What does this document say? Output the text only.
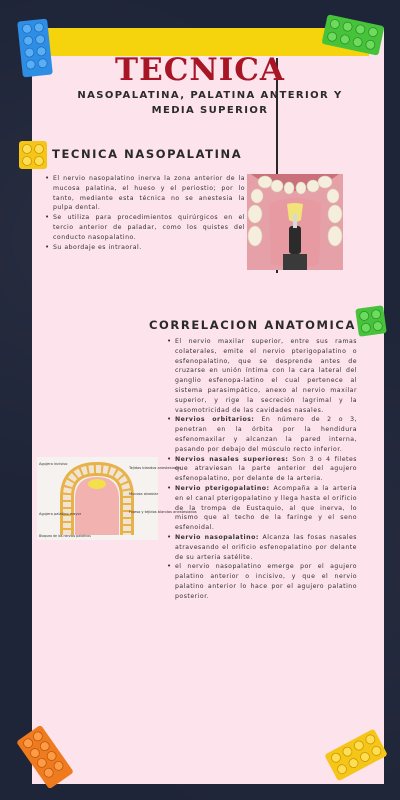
TECNICA

NASOPALATINA, PALATINA ANTERIOR Y MEDIA SUPERIOR

TECNICA NASOPALATINA
• El nervio nasopalatino inerva la zona anterior de la mucosa palatina, el hueso y el periostio; por lo tanto, mediante esta técnica no se anestesia la pulpa dental.
• Se utiliza para procedimientos quirúrgicos en el tercio anterior de paladar, como los quistes del conducto nasopalatino.
• Su abordaje es intraoral.
CORRELACION ANATOMICA
• El nervio maxilar superior, entre sus ramas colaterales, emite el nervio pterigopalatino o esfenopalatino, que se desprende antes de cruzarse en unión íntima con la cara lateral del ganglio esfenopa-latino el cual pertenece al sistema parasimpático, anexo al nervio maxilar superior, y rige la secreción lagrimal y la vasomotricidad de las cavidades nasales.
• Nervios orbitarios: En número de 2 o 3, penetran en la órbita por la hendidura esfenomaxilar y alcanzan la pared interna, pasando por debajo del músculo recto inferior.
• Nervios nasales superiores: Son 3 o 4 filetes que atraviesan la parte anterior del agujero esfenopalatino, por delante de la arteria.
• Nervio pterigopalatino: Acompaña a la arteria en el canal pterigopalatino y llega hasta el orificio de la trompa de Eustaquio, al que inerva, lo mismo que al techo de la faringe y el seno esfenoidal.
• Nervio nasopalatino: Alcanza las fosas nasales atravesando el orificio esfenopalatino por delante de su arteria satélite.
• el nervio nasopalatino emerge por el agujero palatino anterior o incisivo, y que el nervio palatino anterior lo hace por el agujero palatino posterior.
Agujero incisivo
Agujero palatino mayor
Tejidos blandos anestesiados
Mucosa alveolar
Hueso y tejidos blandos anestesiados
Bloqueo de los nervios palatinos
